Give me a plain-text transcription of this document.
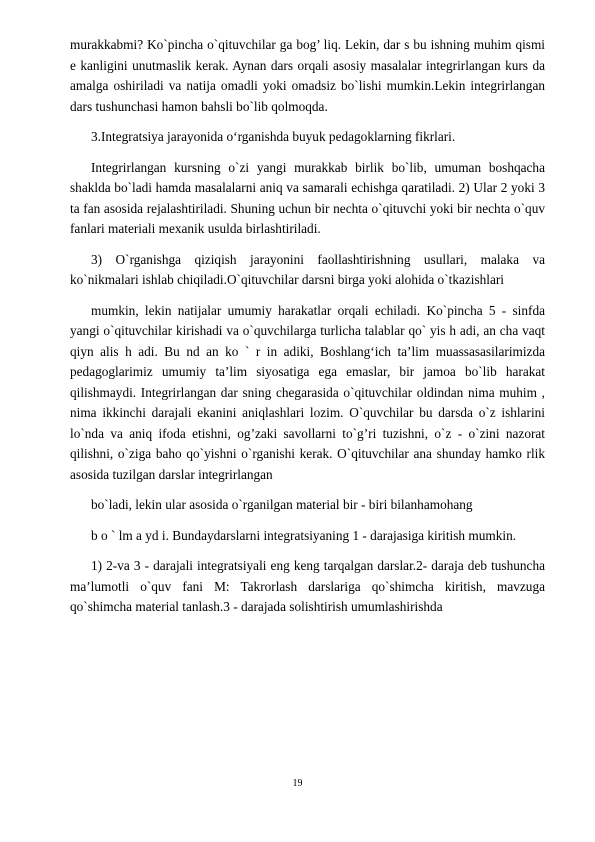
murakkabmi? Ko`pincha o`qituvchilar ga bog’ liq. Lekin, dar s bu ishning muhim qismi e kanligini unutmaslik kerak. Aynan dars orqali asosiy masalalar integrirlangan kurs da amalga oshiriladi va natija omadli yoki omadsiz bo`lishi mumkin.Lekin integrirlangan dars tushunchasi hamon bahsli bo`lib qolmoqda.

3.Integratsiya jarayonida o‘rganishda buyuk pedagoklarning fikrlari.

Integrirlangan kursning o`zi yangi murakkab birlik bo`lib, umuman boshqacha shaklda bo`ladi hamda masalalarni aniq va samarali echishga qaratiladi. 2) Ular 2 yoki 3 ta fan asosida rejalashtiriladi. Shuning uchun bir nechta o`qituvchi yoki bir nechta o`quv fanlari materiali mexanik usulda birlashtiriladi.

3) O`rganishga qiziqish jarayonini faollashtirishning usullari, malaka va ko`nikmalari ishlab chiqiladi.O`qituvchilar darsni birga yoki alohida o`tkazishlari

mumkin, lekin natijalar umumiy harakatlar orqali echiladi. Ko`pincha 5 - sinfda yangi o`qituvchilar kirishadi va o`quvchilarga turlicha talablar qo` yis h adi, an cha vaqt qiyn alis h adi. Bu nd an ko ` r in adiki, Boshlang‘ich ta’lim muassasasilarimizda pedagoglarimiz umumiy ta’lim siyosatiga ega emaslar, bir jamoa bo`lib harakat qilishmaydi. Integrirlangan dar sning chegarasida o`qituvchilar oldindan nima muhim , nima ikkinchi darajali ekanini aniqlashlari lozim. O`quvchilar bu darsda o`z ishlarini lo`nda va aniq ifoda etishni, og’zaki savollarni to`g’ri tuzishni, o`z - o`zini nazorat qilishni, o`ziga baho qo`yishni o`rganishi kerak. O`qituvchilar ana shunday hamko rlik asosida tuzilgan darslar integrirlangan

bo`ladi, lekin ular asosida o`rganilgan material bir - biri bilanhamohang

b o ` lm a yd i. Bundaydarslarni integratsiyaning 1 - darajasiga kiritish mumkin.

1) 2-va 3 - darajali integratsiyali eng keng tarqalgan darslar.2- daraja deb tushuncha ma’lumotli o`quv fani M: Takrorlash darslariga qo`shimcha kiritish, mavzuga qo`shimcha material tanlash.3 - darajada solishtirish umumlashirishda

19
